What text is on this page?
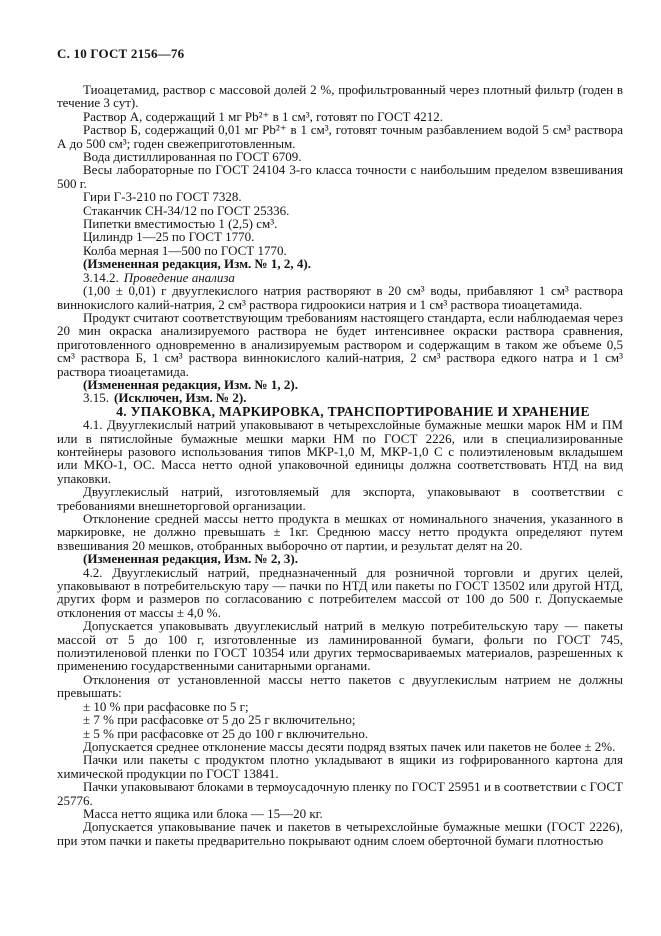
С. 10 ГОСТ 2156—76

Тиоацетамид, раствор с массовой долей 2 %, профильтрованный через плотный фильтр (годен в течение 3 сут).

Раствор А, содержащий 1 мг Pb²⁺ в 1 см³, готовят по ГОСТ 4212.

Раствор Б, содержащий 0,01 мг Pb²⁺ в 1 см³, готовят точным разбавлением водой 5 см³ раствора А до 500 см³; годен свежеприготовленным.

Вода дистиллированная по ГОСТ 6709.

Весы лабораторные по ГОСТ 24104 3-го класса точности с наибольшим пределом взвешивания 500 г.

Гири Г-3-210 по ГОСТ 7328.

Стаканчик СН-34/12 по ГОСТ 25336.

Пипетки вместимостью 1 (2,5) см³.

Цилиндр 1—25 по ГОСТ 1770.

Колба мерная 1—500 по ГОСТ 1770.

(Измененная редакция, Изм. № 1, 2, 4).

3.14.2. Проведение анализа

(1,00 ± 0,01) г двууглекислого натрия растворяют в 20 см³ воды, прибавляют 1 см³ раствора виннокислого калий-натрия, 2 см³ раствора гидроокиси натрия и 1 см³ раствора тиоацетамида.

Продукт считают соответствующим требованиям настоящего стандарта, если наблюдаемая через 20 мин окраска анализируемого раствора не будет интенсивнее окраски раствора сравнения, приготовленного одновременно в анализируемым раствором и содержащим в таком же объеме 0,5 см³ раствора Б, 1 см³ раствора виннокислого калий-натрия, 2 см³ раствора едкого натра и 1 см³ раствора тиоацетамида.

(Измененная редакция, Изм. № 1, 2).

3.15. (Исключен, Изм. № 2).

4. УПАКОВКА, МАРКИРОВКА, ТРАНСПОРТИРОВАНИЕ И ХРАНЕНИЕ

4.1. Двууглекислый натрий упаковывают в четырехслойные бумажные мешки марок НМ и ПМ или в пятислойные бумажные мешки марки НМ по ГОСТ 2226, или в специализированные контейнеры разового использования типов МКР-1,0 М, МКР-1,0 С с полиэтиленовым вкладышем или МКО-1, ОС. Масса нетто одной упаковочной единицы должна соответствовать НТД на вид упаковки.

Двууглекислый натрий, изготовляемый для экспорта, упаковывают в соответствии с требованиями внешнеторговой организации.

Отклонение средней массы нетто продукта в мешках от номинального значения, указанного в маркировке, не должно превышать ± 1кг. Среднюю массу нетто продукта определяют путем взвешивания 20 мешков, отобранных выборочно от партии, и результат делят на 20.

(Измененная редакция, Изм. № 2, 3).

4.2. Двууглекислый натрий, предназначенный для розничной торговли и других целей, упаковывают в потребительскую тару — пачки по НТД или пакеты по ГОСТ 13502 или другой НТД, других форм и размеров по согласованию с потребителем массой от 100 до 500 г. Допускаемые отклонения от массы ± 4,0 %.

Допускается упаковывать двууглекислый натрий в мелкую потребительскую тару — пакеты массой от 5 до 100 г, изготовленные из ламинированной бумаги, фольги по ГОСТ 745, полиэтиленовой пленки по ГОСТ 10354 или других термосвариваемых материалов, разрешенных к применению государственными санитарными органами.

Отклонения от установленной массы нетто пакетов с двууглекислым натрием не должны превышать:

± 10 % при расфасовке по 5 г;

± 7 % при расфасовке от 5 до 25 г включительно;

± 5 % при расфасовке от 25 до 100 г включительно.

Допускается среднее отклонение массы десяти подряд взятых пачек или пакетов не более ± 2%.

Пачки или пакеты с продуктом плотно укладывают в ящики из гофрированного картона для химической продукции по ГОСТ 13841.

Пачки упаковывают блоками в термоусадочную пленку по ГОСТ 25951 и в соответствии с ГОСТ 25776.

Масса нетто ящика или блока — 15—20 кг.

Допускается упаковывание пачек и пакетов в четырехслойные бумажные мешки (ГОСТ 2226), при этом пачки и пакеты предварительно покрывают одним слоем оберточной бумаги плотностью
